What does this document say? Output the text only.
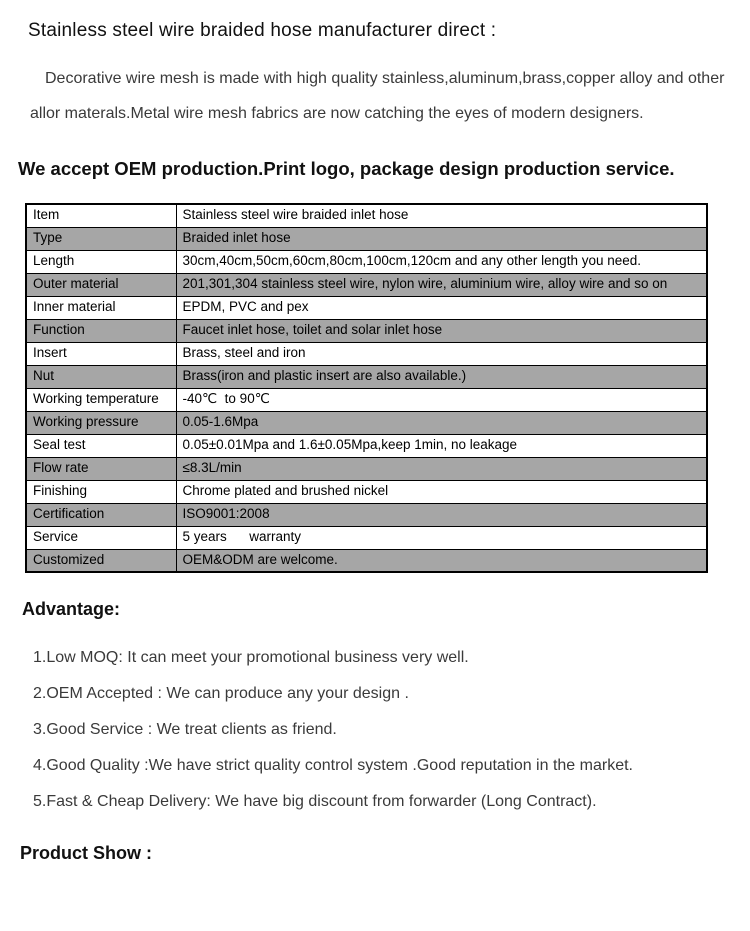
Stainless steel wire braided hose manufacturer direct :

Decorative wire mesh is made with high quality stainless,aluminum,brass,copper alloy and other allor materals.Metal wire mesh fabrics are now catching the eyes of modern designers.

We accept OEM production.Print logo, package design production service.
Item	Stainless steel wire braided inlet hose
Type	Braided inlet hose
Length	30cm,40cm,50cm,60cm,80cm,100cm,120cm and any other length you need.
Outer material	201,301,304 stainless steel wire, nylon wire, aluminium wire, alloy wire and so on
Inner material	EPDM, PVC and pex
Function	Faucet inlet hose, toilet and solar inlet hose
Insert	Brass, steel and iron
Nut	Brass(iron and plastic insert are also available.)
Working temperature	-40℃  to 90℃
Working pressure	0.05-1.6Mpa
Seal test	0.05±0.01Mpa and 1.6±0.05Mpa,keep 1min, no leakage
Flow rate	≤8.3L/min
Finishing	Chrome plated and brushed nickel
Certification	ISO9001:2008
Service	5 years      warranty
Customized	OEM&ODM are welcome.
Advantage:
1.Low MOQ: It can meet your promotional business very well.
2.OEM Accepted : We can produce any your design .
3.Good Service : We treat clients as friend.
4.Good Quality :We have strict quality control system .Good reputation in the market.
5.Fast & Cheap Delivery: We have big discount from forwarder (Long Contract).
Product Show :
